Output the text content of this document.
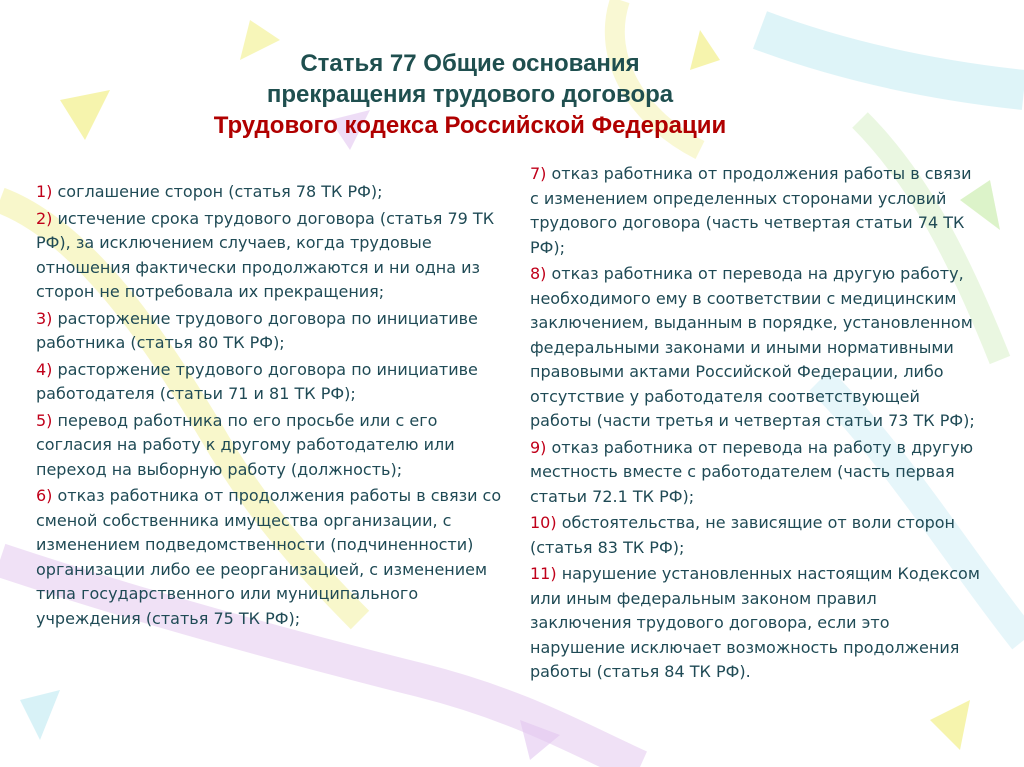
Статья 77 Общие основания
прекращения трудового договора
Трудового кодекса Российской Федерации
1) соглашение сторон (статья 78 ТК РФ);
2) истечение срока трудового договора (статья 79 ТК РФ), за исключением случаев, когда трудовые отношения фактически продолжаются и ни одна из сторон не потребовала их прекращения;
3) расторжение трудового договора по инициативе работника (статья 80 ТК РФ);
4) расторжение трудового договора по инициативе работодателя (статьи 71 и 81 ТК РФ);
5) перевод работника по его просьбе или с его согласия на работу к другому работодателю или переход на выборную работу (должность);
6) отказ работника от продолжения работы в связи со сменой собственника имущества организации, с изменением подведомственности (подчиненности) организации либо ее реорганизацией, с изменением типа государственного или муниципального учреждения (статья 75 ТК РФ);
7) отказ работника от продолжения работы в связи с изменением определенных сторонами условий трудового договора (часть четвертая статьи 74 ТК РФ);
8) отказ работника от перевода на другую работу, необходимого ему в соответствии с медицинским заключением, выданным в порядке, установленном федеральными законами и иными нормативными правовыми актами Российской Федерации, либо отсутствие у работодателя соответствующей работы (части третья и четвертая статьи 73 ТК РФ);
9) отказ работника от перевода на работу в другую местность вместе с работодателем (часть первая статьи 72.1 ТК РФ);
10) обстоятельства, не зависящие от воли сторон (статья 83 ТК РФ);
11) нарушение установленных настоящим Кодексом или иным федеральным законом правил заключения трудового договора, если это нарушение исключает возможность продолжения работы (статья 84 ТК РФ).
